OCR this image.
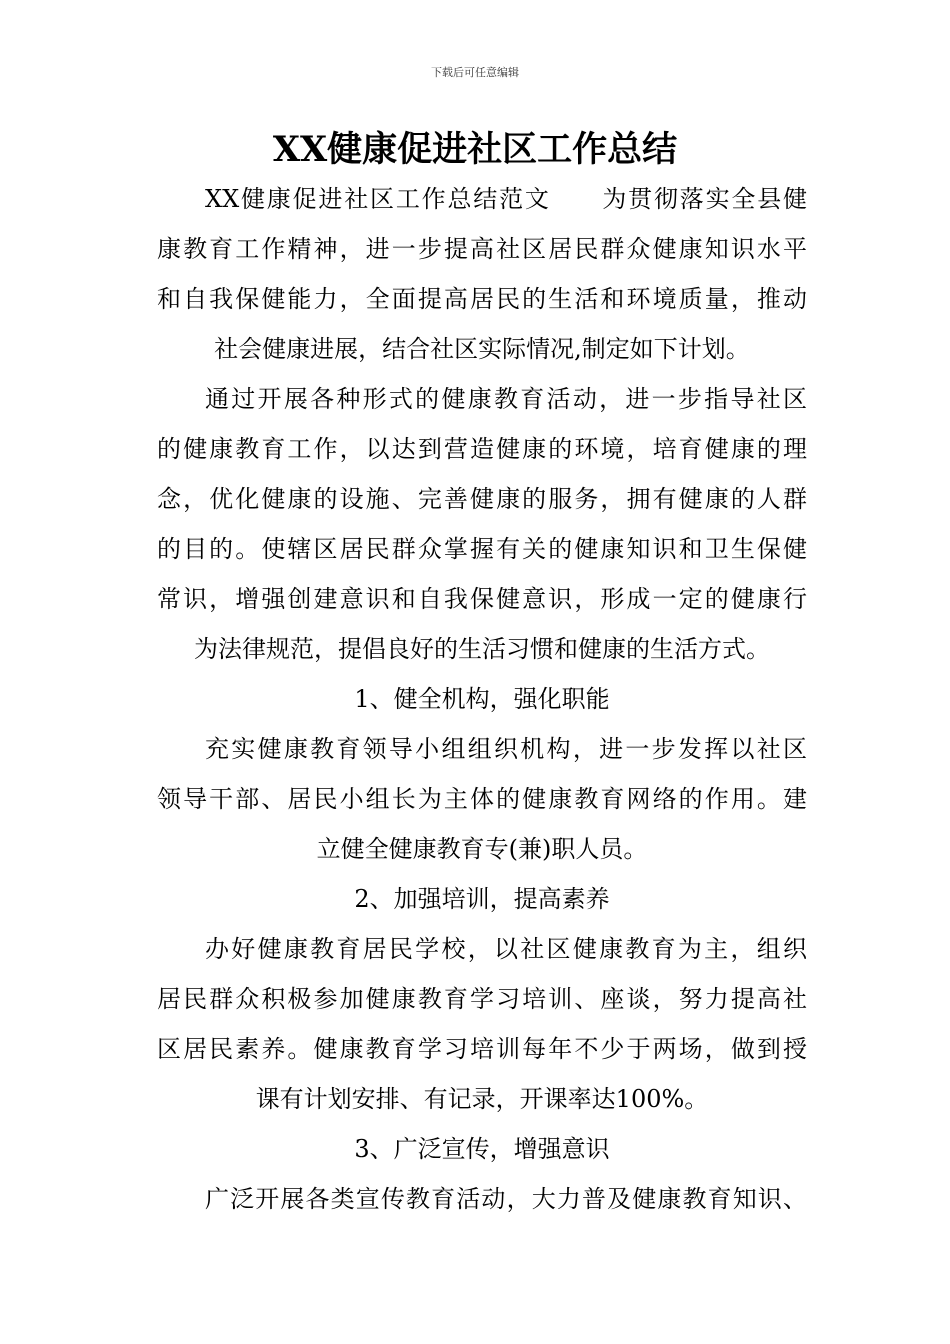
下载后可任意编辑
XX健康促进社区工作总结
XX健康促进社区工作总结范文　　为贯彻落实全县健
康教育工作精神，进一步提高社区居民群众健康知识水平
和自我保健能力，全面提高居民的生活和环境质量，推动
社会健康进展，结合社区实际情况,制定如下计划。
通过开展各种形式的健康教育活动，进一步指导社区
的健康教育工作，以达到营造健康的环境，培育健康的理
念，优化健康的设施、完善健康的服务，拥有健康的人群
的目的。使辖区居民群众掌握有关的健康知识和卫生保健
常识，增强创建意识和自我保健意识，形成一定的健康行
为法律规范，提倡良好的生活习惯和健康的生活方式。
1、健全机构，强化职能
充实健康教育领导小组组织机构，进一步发挥以社区
领导干部、居民小组长为主体的健康教育网络的作用。建
立健全健康教育专(兼)职人员。
2、加强培训，提高素养
办好健康教育居民学校，以社区健康教育为主，组织
居民群众积极参加健康教育学习培训、座谈，努力提高社
区居民素养。健康教育学习培训每年不少于两场，做到授
课有计划安排、有记录，开课率达100%。
3、广泛宣传，增强意识
广泛开展各类宣传教育活动，大力普及健康教育知识、
